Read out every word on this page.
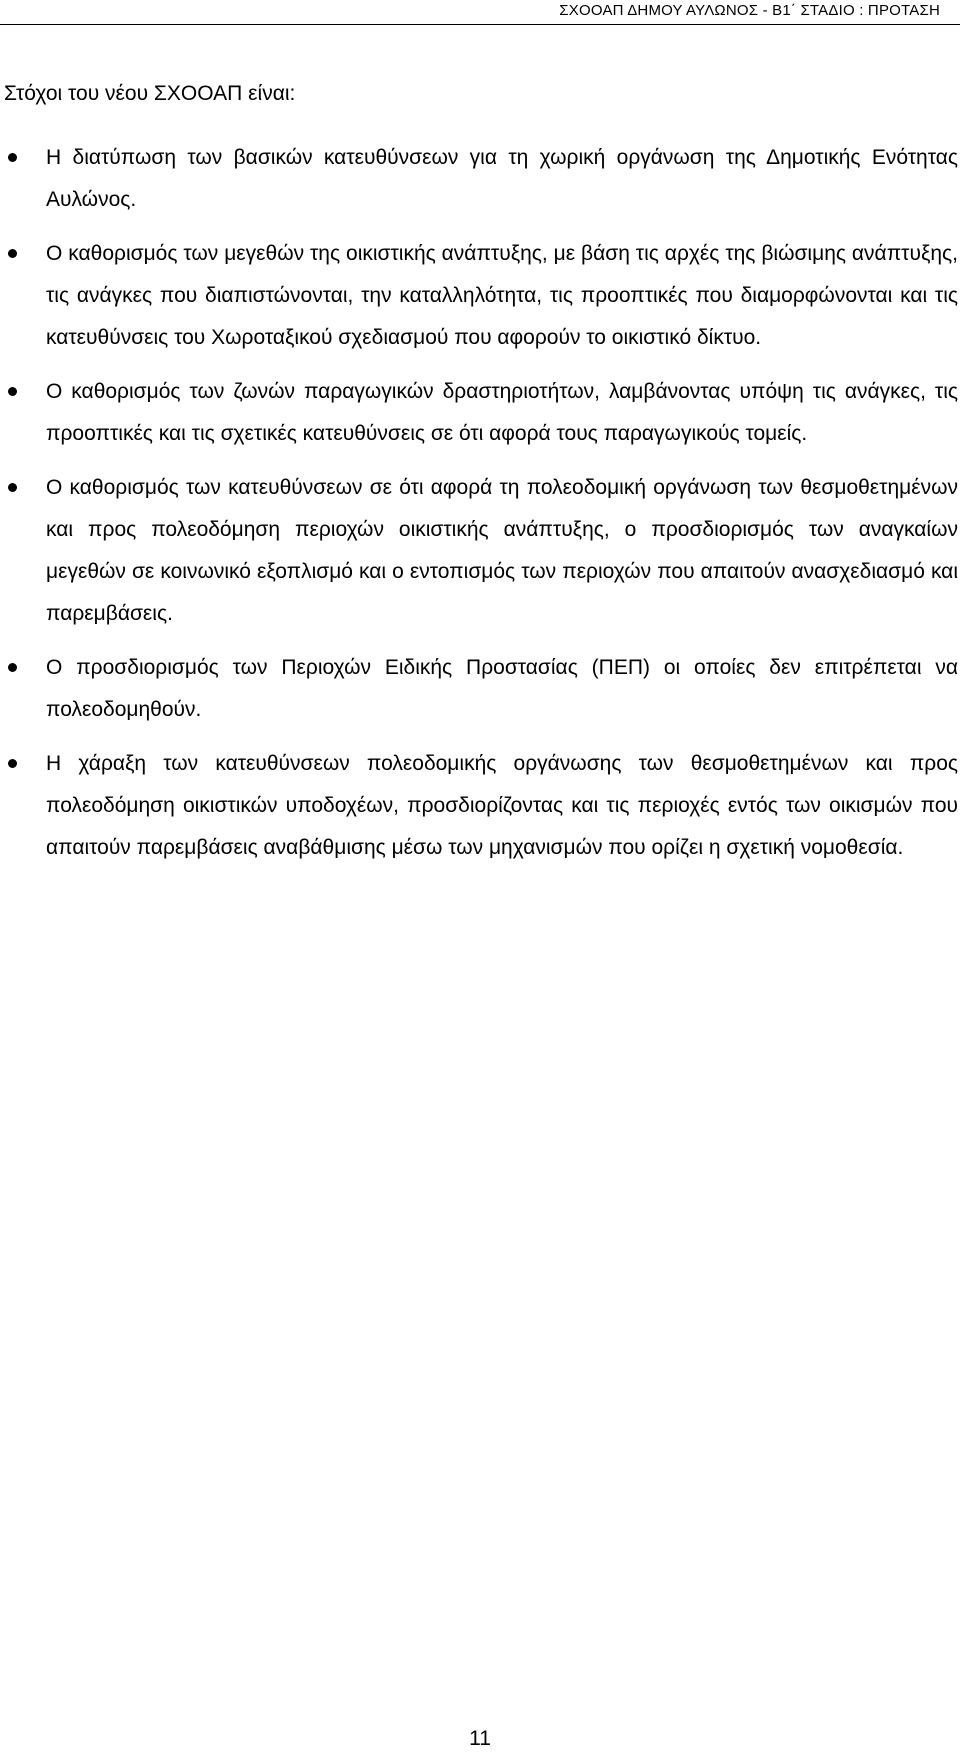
ΣΧΟΟΑΠ ΔΗΜΟΥ ΑΥΛΩΝΟΣ - Β1΄ ΣΤΑΔΙΟ : ΠΡΟΤΑΣΗ

Στόχοι του νέου ΣΧΟΟΑΠ είναι:

Η διατύπωση των βασικών κατευθύνσεων για τη χωρική οργάνωση της Δημοτικής Ενότητας Αυλώνος.
Ο καθορισμός των μεγεθών της οικιστικής ανάπτυξης, με βάση τις αρχές της βιώσιμης ανάπτυξης, τις ανάγκες που διαπιστώνονται, την καταλληλότητα, τις προοπτικές που διαμορφώνονται και τις κατευθύνσεις του Χωροταξικού σχεδιασμού που αφορούν το οικιστικό δίκτυο.
Ο καθορισμός των ζωνών παραγωγικών δραστηριοτήτων, λαμβάνοντας υπόψη τις ανάγκες, τις προοπτικές και τις σχετικές κατευθύνσεις σε ότι αφορά τους παραγωγικούς τομείς.
Ο καθορισμός των κατευθύνσεων σε ότι αφορά τη πολεοδομική οργάνωση των θεσμοθετημένων και προς πολεοδόμηση περιοχών οικιστικής ανάπτυξης, ο προσδιορισμός των αναγκαίων μεγεθών σε κοινωνικό εξοπλισμό και ο εντοπισμός των περιοχών που απαιτούν ανασχεδιασμό και παρεμβάσεις.
Ο προσδιορισμός των Περιοχών Ειδικής Προστασίας (ΠΕΠ) οι οποίες δεν επιτρέπεται να πολεοδομηθούν.
Η χάραξη των κατευθύνσεων πολεοδομικής οργάνωσης των θεσμοθετημένων και προς πολεοδόμηση οικιστικών υποδοχέων, προσδιορίζοντας και τις περιοχές εντός των οικισμών που απαιτούν παρεμβάσεις αναβάθμισης μέσω των μηχανισμών που ορίζει η σχετική νομοθεσία.
11
